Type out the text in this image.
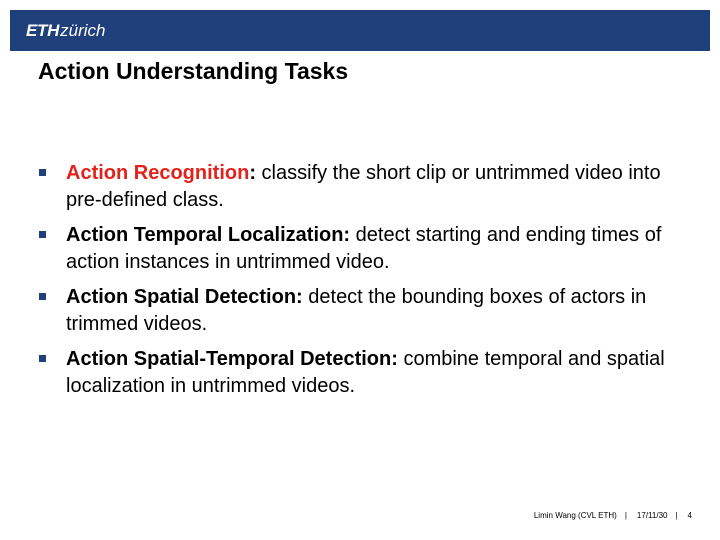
ETHzürich
Action Understanding Tasks
Action Recognition: classify the short clip or untrimmed video into pre-defined class.
Action Temporal Localization: detect starting and ending times of action instances in untrimmed video.
Action Spatial Detection: detect the bounding boxes of actors in trimmed videos.
Action Spatial-Temporal Detection: combine temporal and spatial localization in untrimmed videos.
Limin Wang (CVL ETH) | 17/11/30 | 4
